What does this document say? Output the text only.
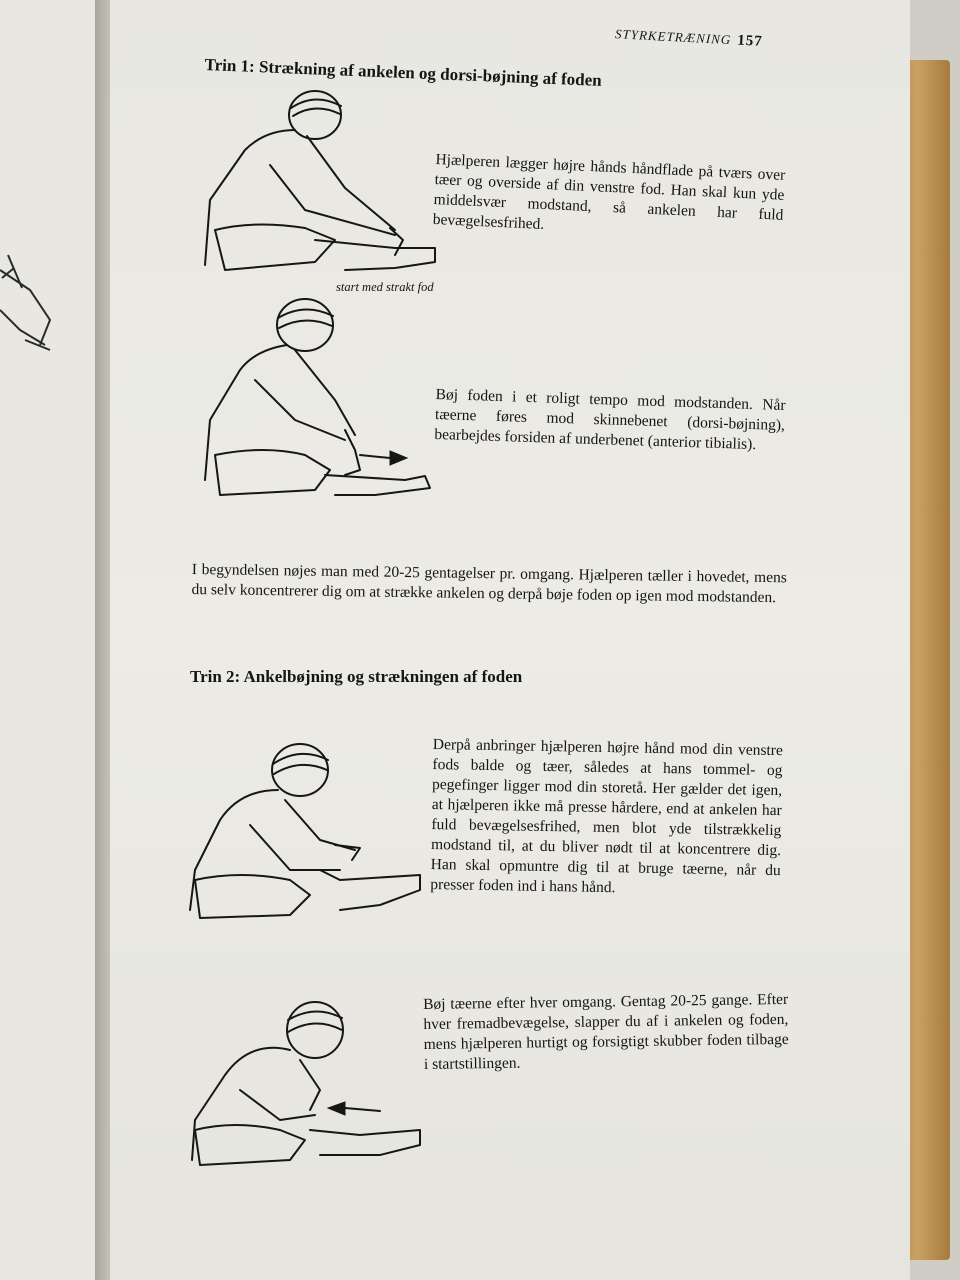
STYRKETRÆNING 157
Trin 1: Strækning af ankelen og dorsi-bøjning af foden
start med strakt fod
Hjælperen lægger højre hånds håndflade på tværs over tæer og overside af din venstre fod. Han skal kun yde middelsvær modstand, så ankelen har fuld bevægelsesfrihed.
Bøj foden i et roligt tempo mod modstanden. Når tæerne føres mod skinnebenet (dorsi-bøjning), bearbejdes forsiden af underbenet (anterior tibialis).
I begyndelsen nøjes man med 20-25 gentagelser pr. omgang. Hjælperen tæller i hovedet, mens du selv koncentrerer dig om at strække ankelen og derpå bøje foden op igen mod modstanden.
Trin 2: Ankelbøjning og strækningen af foden
Derpå anbringer hjælperen højre hånd mod din venstre fods balde og tæer, således at hans tommel- og pegefinger ligger mod din storetå. Her gælder det igen, at hjælperen ikke må presse hårdere, end at ankelen har fuld bevægelsesfrihed, men blot yde tilstrækkelig modstand til, at du bliver nødt til at koncentrere dig. Han skal opmuntre dig til at bruge tæerne, når du presser foden ind i hans hånd.
Bøj tæerne efter hver omgang. Gentag 20-25 gange. Efter hver fremadbevægelse, slapper du af i ankelen og foden, mens hjælperen hurtigt og forsigtigt skubber foden tilbage i startstillingen.
